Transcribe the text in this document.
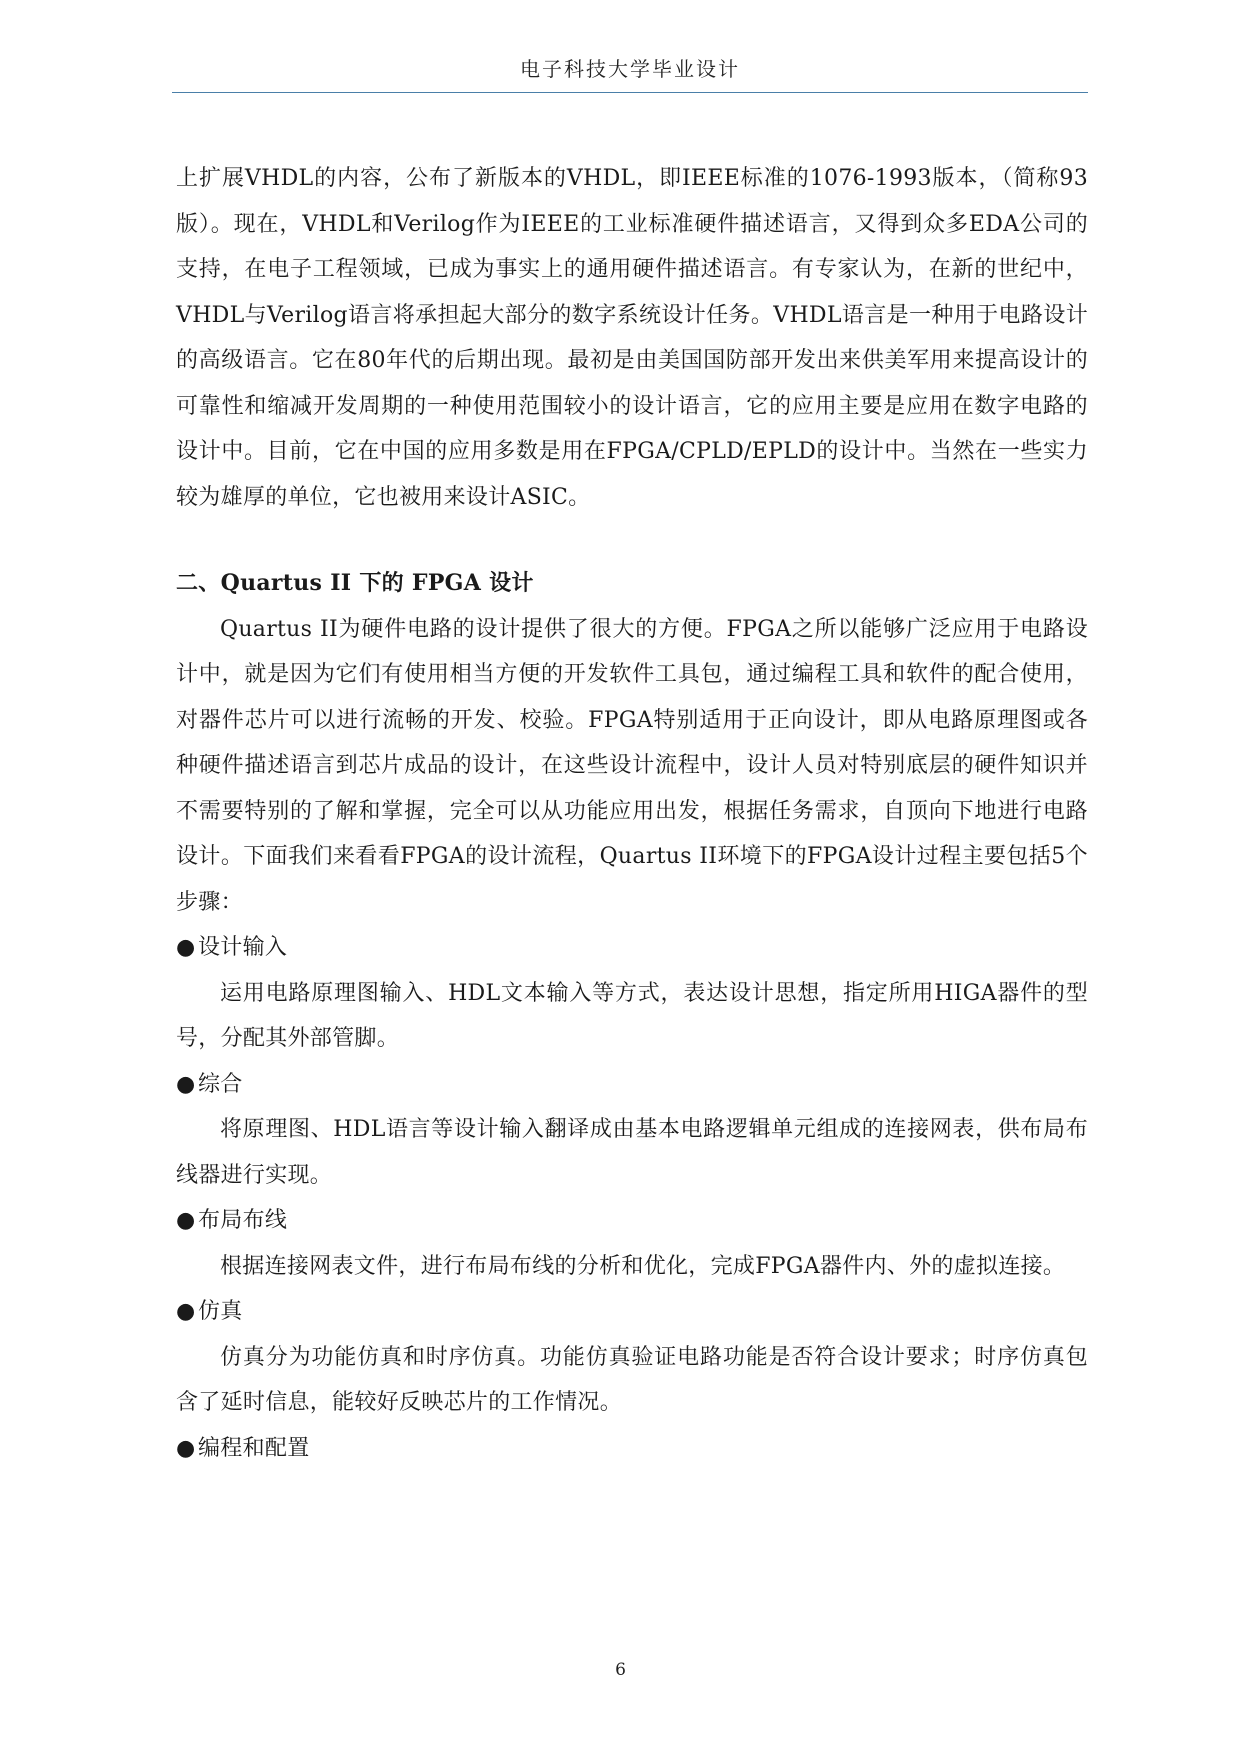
电子科技大学毕业设计

上扩展VHDL的内容，公布了新版本的VHDL，即IEEE标准的1076-1993版本，（简称93版）。现在，VHDL和Verilog作为IEEE的工业标准硬件描述语言，又得到众多EDA公司的支持，在电子工程领域，已成为事实上的通用硬件描述语言。有专家认为，在新的世纪中，VHDL与Verilog语言将承担起大部分的数字系统设计任务。VHDL语言是一种用于电路设计的高级语言。它在80年代的后期出现。最初是由美国国防部开发出来供美军用来提高设计的可靠性和缩减开发周期的一种使用范围较小的设计语言，它的应用主要是应用在数字电路的设计中。目前，它在中国的应用多数是用在FPGA/CPLD/EPLD的设计中。当然在一些实力较为雄厚的单位，它也被用来设计ASIC。

二、Quartus II 下的 FPGA 设计

Quartus II为硬件电路的设计提供了很大的方便。FPGA之所以能够广泛应用于电路设计中，就是因为它们有使用相当方便的开发软件工具包，通过编程工具和软件的配合使用，对器件芯片可以进行流畅的开发、校验。FPGA特别适用于正向设计，即从电路原理图或各种硬件描述语言到芯片成品的设计，在这些设计流程中，设计人员对特别底层的硬件知识并不需要特别的了解和掌握，完全可以从功能应用出发，根据任务需求，自顶向下地进行电路设计。下面我们来看看FPGA的设计流程，Quartus II环境下的FPGA设计过程主要包括5个步骤：

● 设计输入

运用电路原理图输入、HDL文本输入等方式，表达设计思想，指定所用HIGA器件的型号，分配其外部管脚。

● 综合

将原理图、HDL语言等设计输入翻译成由基本电路逻辑单元组成的连接网表，供布局布线器进行实现。

● 布局布线

根据连接网表文件，进行布局布线的分析和优化，完成FPGA器件内、外的虚拟连接。

● 仿真

仿真分为功能仿真和时序仿真。功能仿真验证电路功能是否符合设计要求；时序仿真包含了延时信息，能较好反映芯片的工作情况。

● 编程和配置
6
